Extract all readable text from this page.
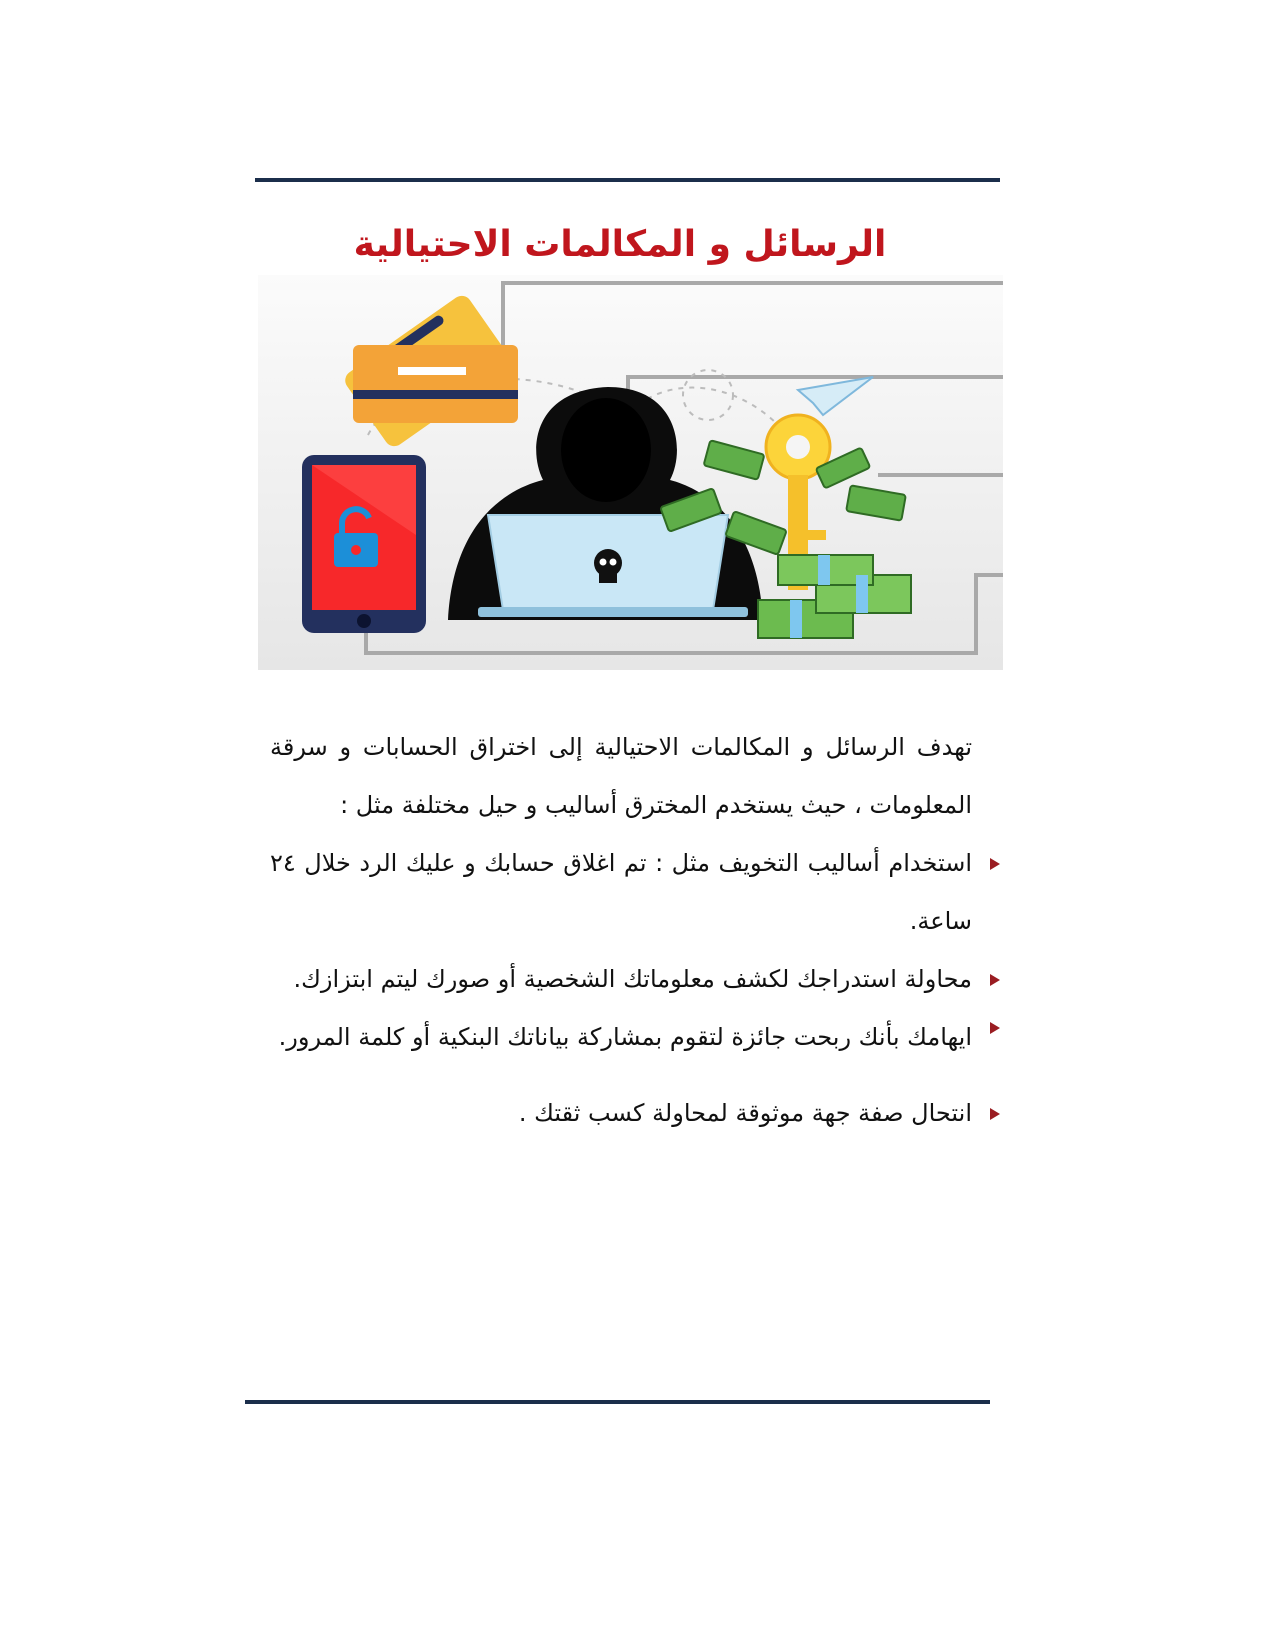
الرسائل و المكالمات الاحتيالية

تهدف الرسائل و المكالمات الاحتيالية إلى اختراق الحسابات و سرقة المعلومات ، حيث يستخدم المخترق أساليب و حيل مختلفة مثل :

استخدام أساليب التخويف مثل : تم اغلاق حسابك و عليك الرد خلال ٢٤ ساعة.
محاولة استدراجك لكشف معلوماتك الشخصية أو صورك ليتم ابتزازك.
ايهامك بأنك ربحت جائزة لتقوم بمشاركة بياناتك البنكية أو كلمة المرور.
انتحال صفة جهة موثوقة لمحاولة كسب ثقتك .
